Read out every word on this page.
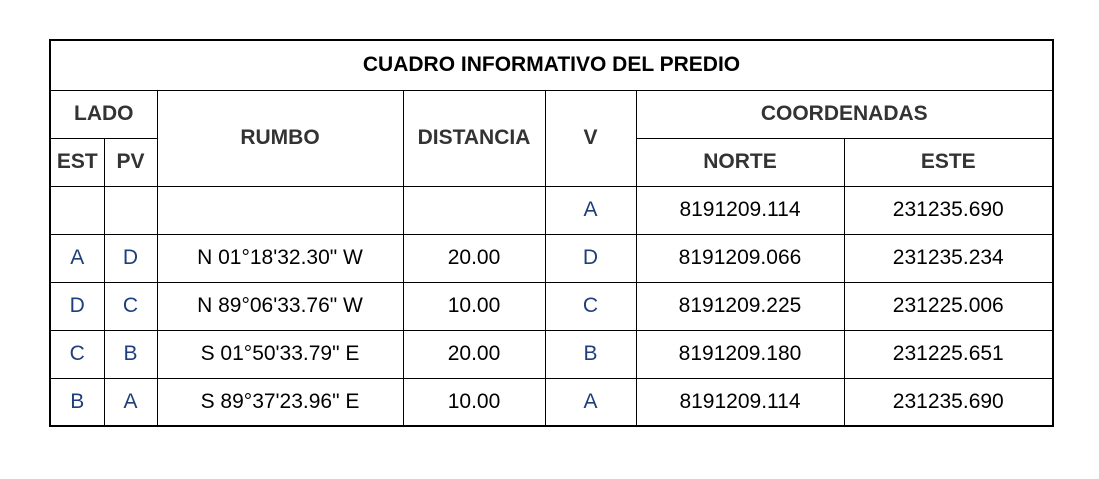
CUADRO INFORMATIVO DEL PREDIO						
LADO		RUMBO	DISTANCIA	V	COORDENADAS	
EST	PV				NORTE	ESTE
				A	8191209.114	231235.690
A	D	N 01°18'32.30" W	20.00	D	8191209.066	231235.234
D	C	N 89°06'33.76" W	10.00	C	8191209.225	231225.006
C	B	S 01°50'33.79" E	20.00	B	8191209.180	231225.651
B	A	S 89°37'23.96" E	10.00	A	8191209.114	231235.690
